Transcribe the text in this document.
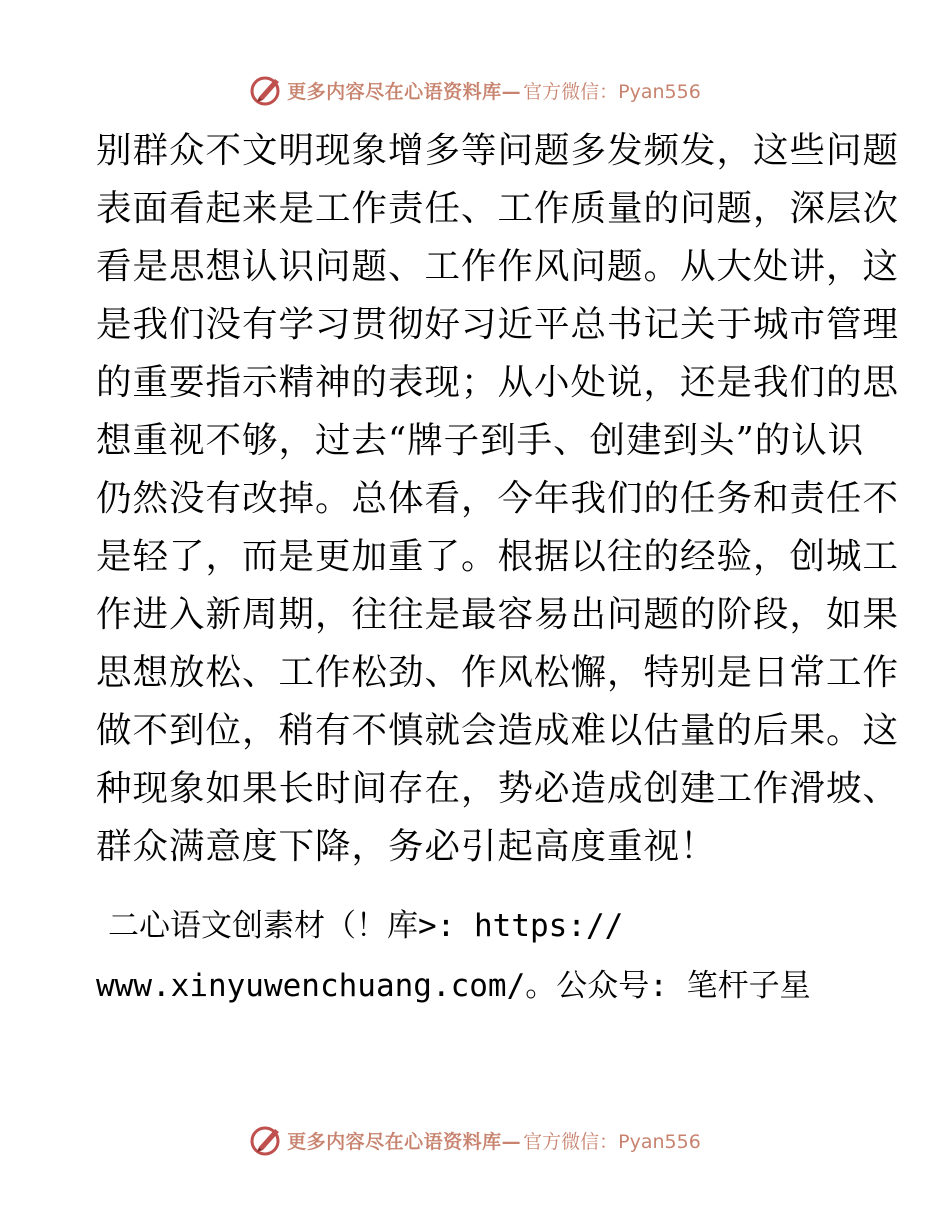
更多内容尽在心语资料库— 官方微信：Pyan556
别群众不文明现象增多等问题多发频发，这些问题
表面看起来是工作责任、工作质量的问题，深层次
看是思想认识问题、工作作风问题。从大处讲，这
是我们没有学习贯彻好习近平总书记关于城市管理
的重要指示精神的表现；从小处说，还是我们的思
想重视不够，过去“牌子到手、创建到头”的认识
仍然没有改掉。总体看，今年我们的任务和责任不
是轻了，而是更加重了。根据以往的经验，创城工
作进入新周期，往往是最容易出问题的阶段，如果
思想放松、工作松劲、作风松懈，特别是日常工作
做不到位，稍有不慎就会造成难以估量的后果。这
种现象如果长时间存在，势必造成创建工作滑坡、
群众满意度下降，务必引起高度重视！
二心语文创素材（！库>: https://
www.xinyuwenchuang.com/。公众号: 笔杆子星
更多内容尽在心语资料库— 官方微信：Pyan556
